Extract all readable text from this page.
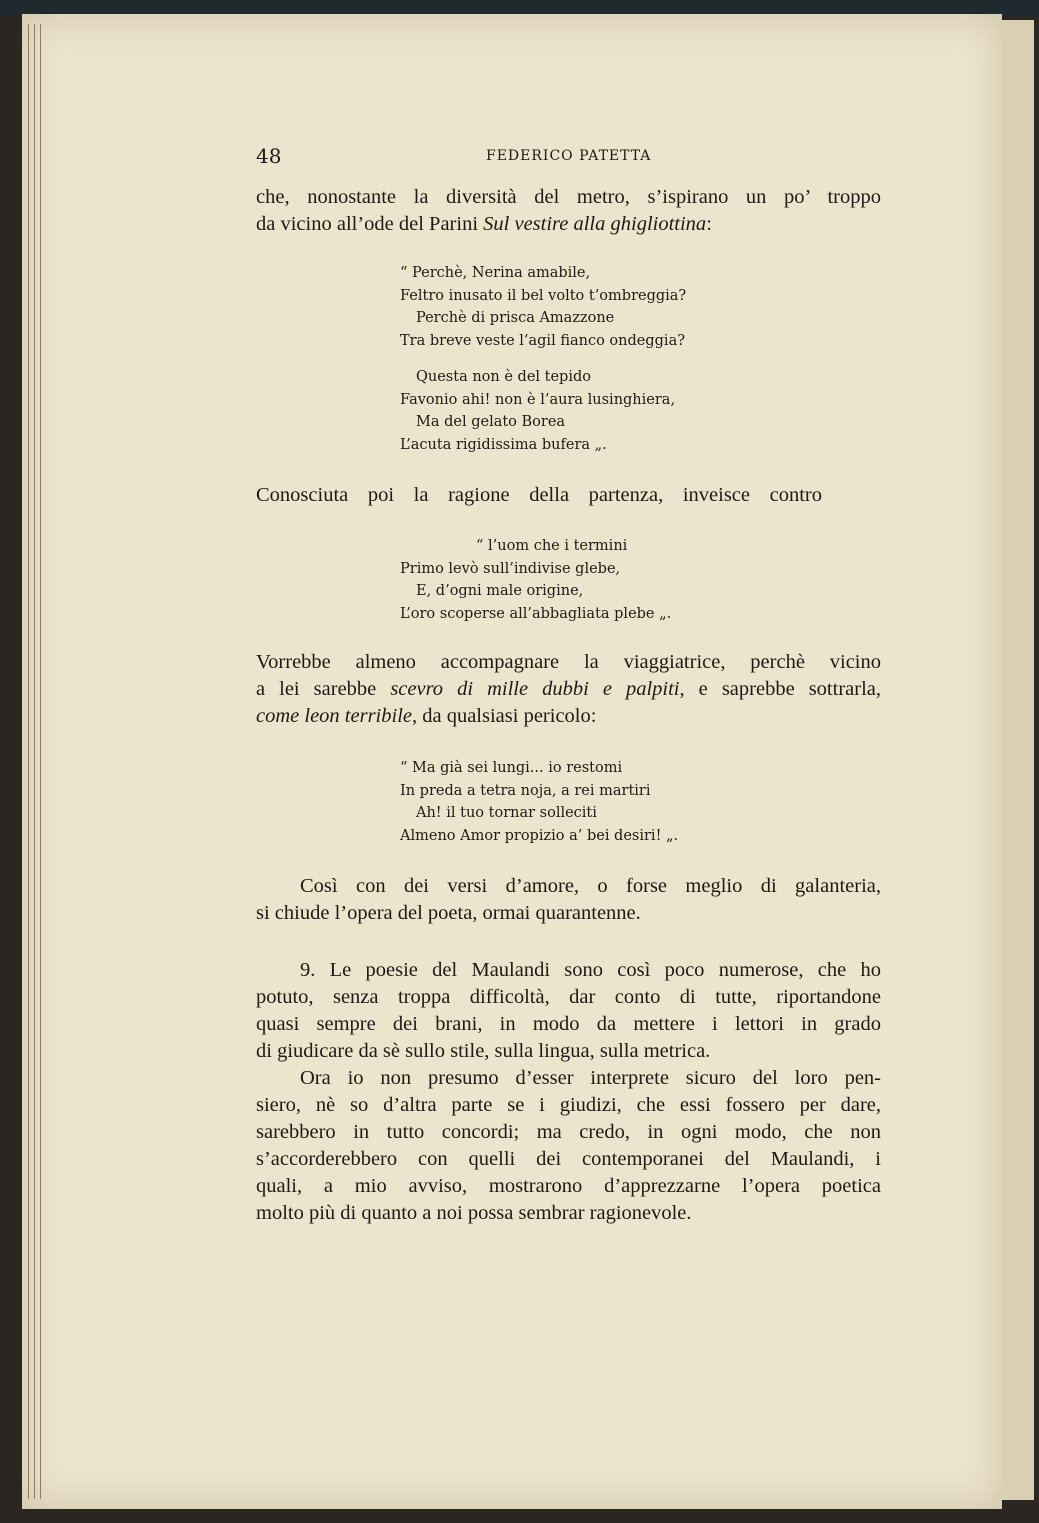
48	FEDERICO PATETTA
che, nonostante la diversità del metro, s’ispirano un po’ troppo
da vicino all’ode del Parini Sul vestire alla ghigliottina:
“ Perchè, Nerina amabile,
Feltro inusato il bel volto t’ombreggia?
Perchè di prisca Amazzone
Tra breve veste l’agil fianco ondeggia?
Questa non è del tepido
Favonio ahi! non è l’aura lusinghiera,
Ma del gelato Borea
L’acuta rigidissima bufera „.
Conosciuta poi la ragione della partenza, inveisce contro
“ l’uom che i termini
Primo levò sull’indivise glebe,
E, d’ogni male origine,
L’oro scoperse all’abbagliata plebe „.
Vorrebbe almeno accompagnare la viaggiatrice, perchè vicino
a lei sarebbe scevro di mille dubbi e palpiti, e saprebbe sottrarla,
come leon terribile, da qualsiasi pericolo:
“ Ma già sei lungi... io restomi
In preda a tetra noja, a rei martiri
Ah! il tuo tornar solleciti
Almeno Amor propizio a’ bei desiri! „.
Così con dei versi d’amore, o forse meglio di galanteria,
si chiude l’opera del poeta, ormai quarantenne.
9. Le poesie del Maulandi sono così poco numerose, che ho
potuto, senza troppa difficoltà, dar conto di tutte, riportandone
quasi sempre dei brani, in modo da mettere i lettori in grado
di giudicare da sè sullo stile, sulla lingua, sulla metrica.
Ora io non presumo d’esser interprete sicuro del loro pen-
siero, nè so d’altra parte se i giudizi, che essi fossero per dare,
sarebbero in tutto concordi; ma credo, in ogni modo, che non
s’accorderebbero con quelli dei contemporanei del Maulandi, i
quali, a mio avviso, mostrarono d’apprezzarne l’opera poetica
molto più di quanto a noi possa sembrar ragionevole.
